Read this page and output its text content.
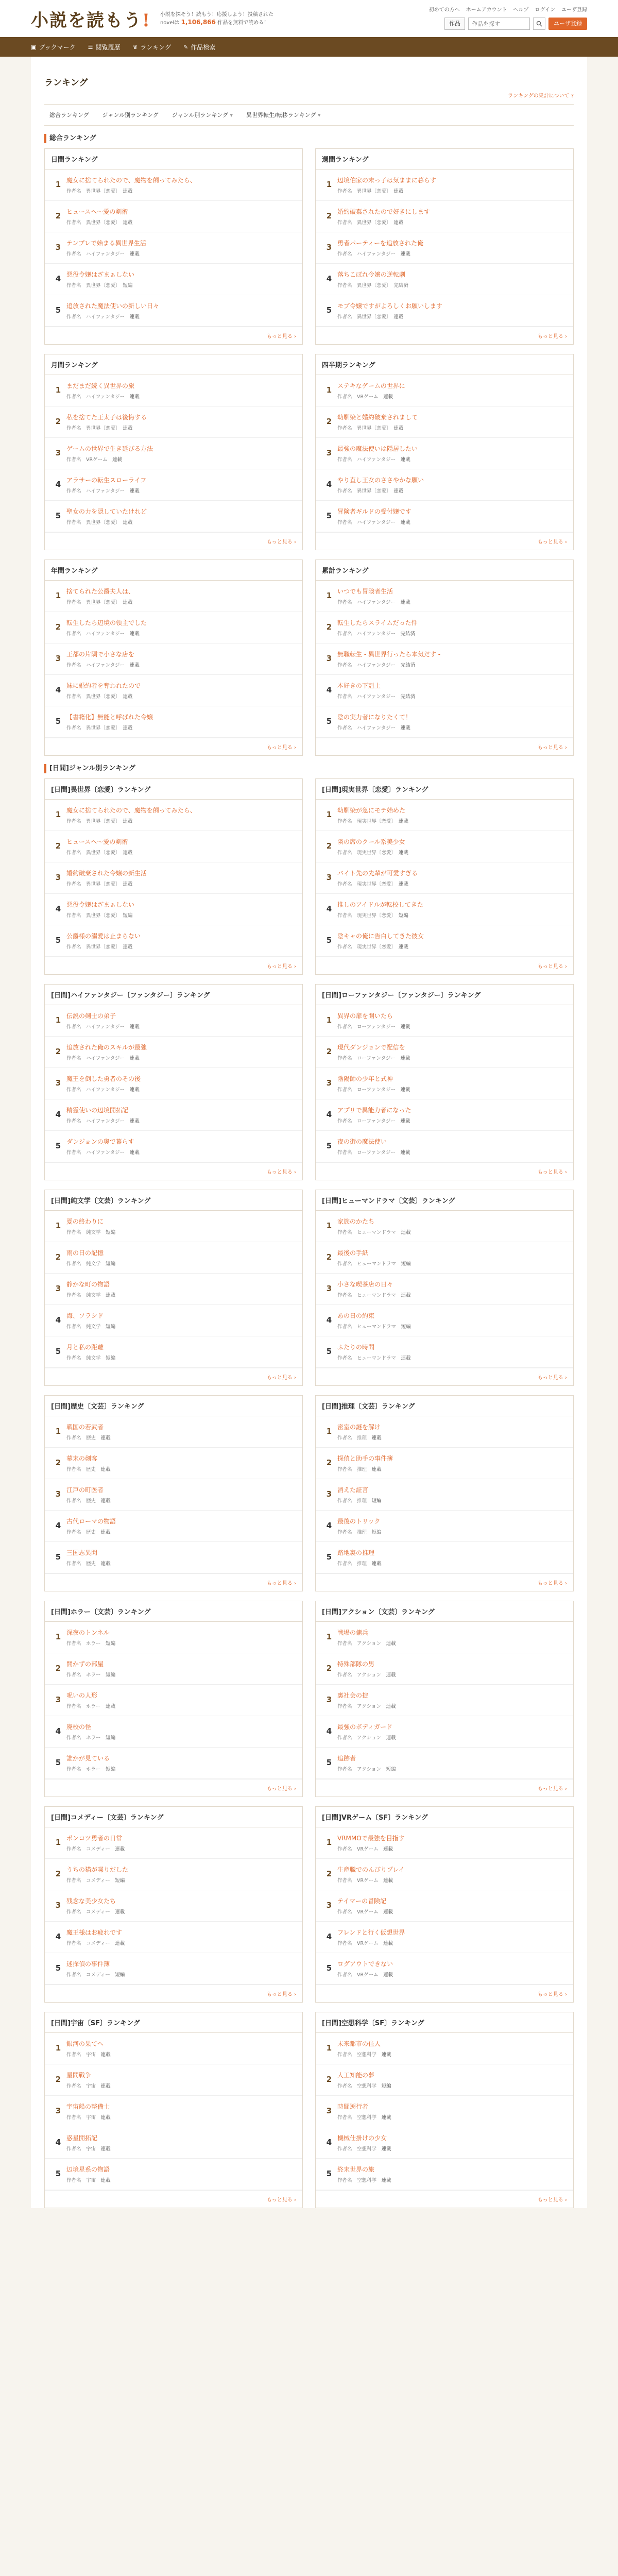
小説を読もう! 小説を探そう！読もう！応援しよう！投稿された
novelは 1,106,866 作品を無料で読める！
初めての方へ ホームアカウント ヘルプ ログイン ユーザ登録
作品
作品を探す	ユーザ登録
▣ ブックマーク ☰ 閲覧履歴 ♛ ランキング ✎ 作品検索
ランキング
ランキングの集計について ?
総合ランキング ジャンル別ランキング ジャンル別ランキング ▾	異世界転生/転移ランキング ▾
総合ランキング
日間ランキング
1 魔女に捨てられたので、魔物を飼ってみたら、
作者名　 異世界〔恋愛〕　 連載
2 ヒュースへ〜愛の剣術
作者名　 異世界〔恋愛〕　 連載
3 テンプレで始まる異世界生活
作者名　 ハイファンタジー　 連載
4 悪役令嬢はざまぁしない
作者名　 異世界〔恋愛〕　 短編
5 追放された魔法使いの新しい日々
作者名　 ハイファンタジー　 連載
もっと見る ›
週間ランキング
1 辺境伯家の末っ子は気ままに暮らす
作者名　 異世界〔恋愛〕　 連載
2 婚約破棄されたので好きにします
作者名　 異世界〔恋愛〕　 連載
3 勇者パーティーを追放された俺
作者名　 ハイファンタジー　 連載
4 落ちこぼれ令嬢の逆転劇
作者名　 異世界〔恋愛〕　 完結済
5 モブ令嬢ですがよろしくお願いします
作者名　 異世界〔恋愛〕　 連載
もっと見る ›
月間ランキング
1 まだまだ続く異世界の旅
作者名　 ハイファンタジー　 連載
2 私を捨てた王太子は後悔する
作者名　 異世界〔恋愛〕　 連載
3 ゲームの世界で生き延びる方法
作者名　 VRゲーム　 連載
4 アラサーの転生スローライフ
作者名　 ハイファンタジー　 連載
5 聖女の力を隠していたけれど
作者名　 異世界〔恋愛〕　 連載
もっと見る ›
四半期ランキング
1 ステキなゲームの世界に
作者名　 VRゲーム　 連載
2 幼馴染と婚約破棄されまして
作者名　 異世界〔恋愛〕　 連載
3 最強の魔法使いは隠居したい
作者名　 ハイファンタジー　 連載
4 やり直し王女のささやかな願い
作者名　 異世界〔恋愛〕　 連載
5 冒険者ギルドの受付嬢です
作者名　 ハイファンタジー　 連載
もっと見る ›
年間ランキング
1 捨てられた公爵夫人は、
作者名　 異世界〔恋愛〕　 連載
2 転生したら辺境の領主でした
作者名　 ハイファンタジー　 連載
3 王都の片隅で小さな店を
作者名　 ハイファンタジー　 連載
4 妹に婚約者を奪われたので
作者名　 異世界〔恋愛〕　 連載
5 【書籍化】無能と呼ばれた令嬢
作者名　 異世界〔恋愛〕　 連載
もっと見る ›
累計ランキング
1 いつでも冒険者生活
作者名　 ハイファンタジー　 連載
2 転生したらスライムだった件
作者名　 ハイファンタジー　 完結済
3 無職転生 - 異世界行ったら本気だす -
作者名　 ハイファンタジー　 完結済
4 本好きの下剋上
作者名　 ハイファンタジー　 完結済
5 陰の実力者になりたくて！
作者名　 ハイファンタジー　 連載
もっと見る ›
[日間]ジャンル別ランキング
[日間]異世界〔恋愛〕ランキング
1 魔女に捨てられたので、魔物を飼ってみたら、
作者名　 異世界〔恋愛〕　 連載
2 ヒュースへ〜愛の剣術
作者名　 異世界〔恋愛〕　 連載
3 婚約破棄された令嬢の新生活
作者名　 異世界〔恋愛〕　 連載
4 悪役令嬢はざまぁしない
作者名　 異世界〔恋愛〕　 短編
5 公爵様の溺愛は止まらない
作者名　 異世界〔恋愛〕　 連載
もっと見る ›
[日間]現実世界〔恋愛〕ランキング
1 幼馴染が急にモテ始めた
作者名　 現実世界〔恋愛〕　 連載
2 隣の席のクール系美少女
作者名　 現実世界〔恋愛〕　 連載
3 バイト先の先輩が可愛すぎる
作者名　 現実世界〔恋愛〕　 連載
4 推しのアイドルが転校してきた
作者名　 現実世界〔恋愛〕　 短編
5 陰キャの俺に告白してきた彼女
作者名　 現実世界〔恋愛〕　 連載
もっと見る ›
[日間]ハイファンタジー〔ファンタジー〕ランキング
1 伝説の剣士の弟子
作者名　 ハイファンタジー　 連載
2 追放された俺のスキルが最強
作者名　 ハイファンタジー　 連載
3 魔王を倒した勇者のその後
作者名　 ハイファンタジー　 連載
4 精霊使いの辺境開拓記
作者名　 ハイファンタジー　 連載
5 ダンジョンの奥で暮らす
作者名　 ハイファンタジー　 連載
もっと見る ›
[日間]ローファンタジー〔ファンタジー〕ランキング
1 異界の扉を開いたら
作者名　 ローファンタジー　 連載
2 現代ダンジョンで配信を
作者名　 ローファンタジー　 連載
3 陰陽師の少年と式神
作者名　 ローファンタジー　 連載
4 アプリで異能力者になった
作者名　 ローファンタジー　 連載
5 夜の街の魔法使い
作者名　 ローファンタジー　 連載
もっと見る ›
[日間]純文学〔文芸〕ランキング
1 夏の終わりに
作者名　 純文学　 短編
2 雨の日の記憶
作者名　 純文学　 短編
3 静かな町の物語
作者名　 純文学　 連載
4 海、ソラシド
作者名　 純文学　 短編
5 月と私の距離
作者名　 純文学　 短編
もっと見る ›
[日間]ヒューマンドラマ〔文芸〕ランキング
1 家族のかたち
作者名　 ヒューマンドラマ　 連載
2 最後の手紙
作者名　 ヒューマンドラマ　 短編
3 小さな喫茶店の日々
作者名　 ヒューマンドラマ　 連載
4 あの日の約束
作者名　 ヒューマンドラマ　 短編
5 ふたりの時間
作者名　 ヒューマンドラマ　 連載
もっと見る ›
[日間]歴史〔文芸〕ランキング
1 戦国の若武者
作者名　 歴史　 連載
2 幕末の剣客
作者名　 歴史　 連載
3 江戸の町医者
作者名　 歴史　 連載
4 古代ローマの物語
作者名　 歴史　 連載
5 三国志異聞
作者名　 歴史　 連載
もっと見る ›
[日間]推理〔文芸〕ランキング
1 密室の謎を解け
作者名　 推理　 連載
2 探偵と助手の事件簿
作者名　 推理　 連載
3 消えた証言
作者名　 推理　 短編
4 最後のトリック
作者名　 推理　 短編
5 路地裏の推理
作者名　 推理　 連載
もっと見る ›
[日間]ホラー〔文芸〕ランキング
1 深夜のトンネル
作者名　 ホラー　 短編
2 開かずの部屋
作者名　 ホラー　 短編
3 呪いの人形
作者名　 ホラー　 連載
4 廃校の怪
作者名　 ホラー　 短編
5 誰かが見ている
作者名　 ホラー　 短編
もっと見る ›
[日間]アクション〔文芸〕ランキング
1 戦場の傭兵
作者名　 アクション　 連載
2 特殊部隊の男
作者名　 アクション　 連載
3 裏社会の掟
作者名　 アクション　 連載
4 最強のボディガード
作者名　 アクション　 連載
5 追跡者
作者名　 アクション　 短編
もっと見る ›
[日間]コメディー〔文芸〕ランキング
1 ポンコツ勇者の日常
作者名　 コメディー　 連載
2 うちの猫が喋りだした
作者名　 コメディー　 短編
3 残念な美少女たち
作者名　 コメディー　 連載
4 魔王様はお疲れです
作者名　 コメディー　 連載
5 迷探偵の事件簿
作者名　 コメディー　 短編
もっと見る ›
[日間]VRゲーム〔SF〕ランキング
1 VRMMOで最強を目指す
作者名　 VRゲーム　 連載
2 生産職でのんびりプレイ
作者名　 VRゲーム　 連載
3 テイマーの冒険記
作者名　 VRゲーム　 連載
4 フレンドと行く仮想世界
作者名　 VRゲーム　 連載
5 ログアウトできない
作者名　 VRゲーム　 連載
もっと見る ›
[日間]宇宙〔SF〕ランキング
1 銀河の果てへ
作者名　 宇宙　 連載
2 星間戦争
作者名　 宇宙　 連載
3 宇宙船の整備士
作者名　 宇宙　 連載
4 惑星開拓記
作者名　 宇宙　 連載
5 辺境星系の物語
作者名　 宇宙　 連載
もっと見る ›
[日間]空想科学〔SF〕ランキング
1 未来都市の住人
作者名　 空想科学　 連載
2 人工知能の夢
作者名　 空想科学　 短編
3 時間遡行者
作者名　 空想科学　 連載
4 機械仕掛けの少女
作者名　 空想科学　 連載
5 終末世界の旅
作者名　 空想科学　 連載
もっと見る ›
